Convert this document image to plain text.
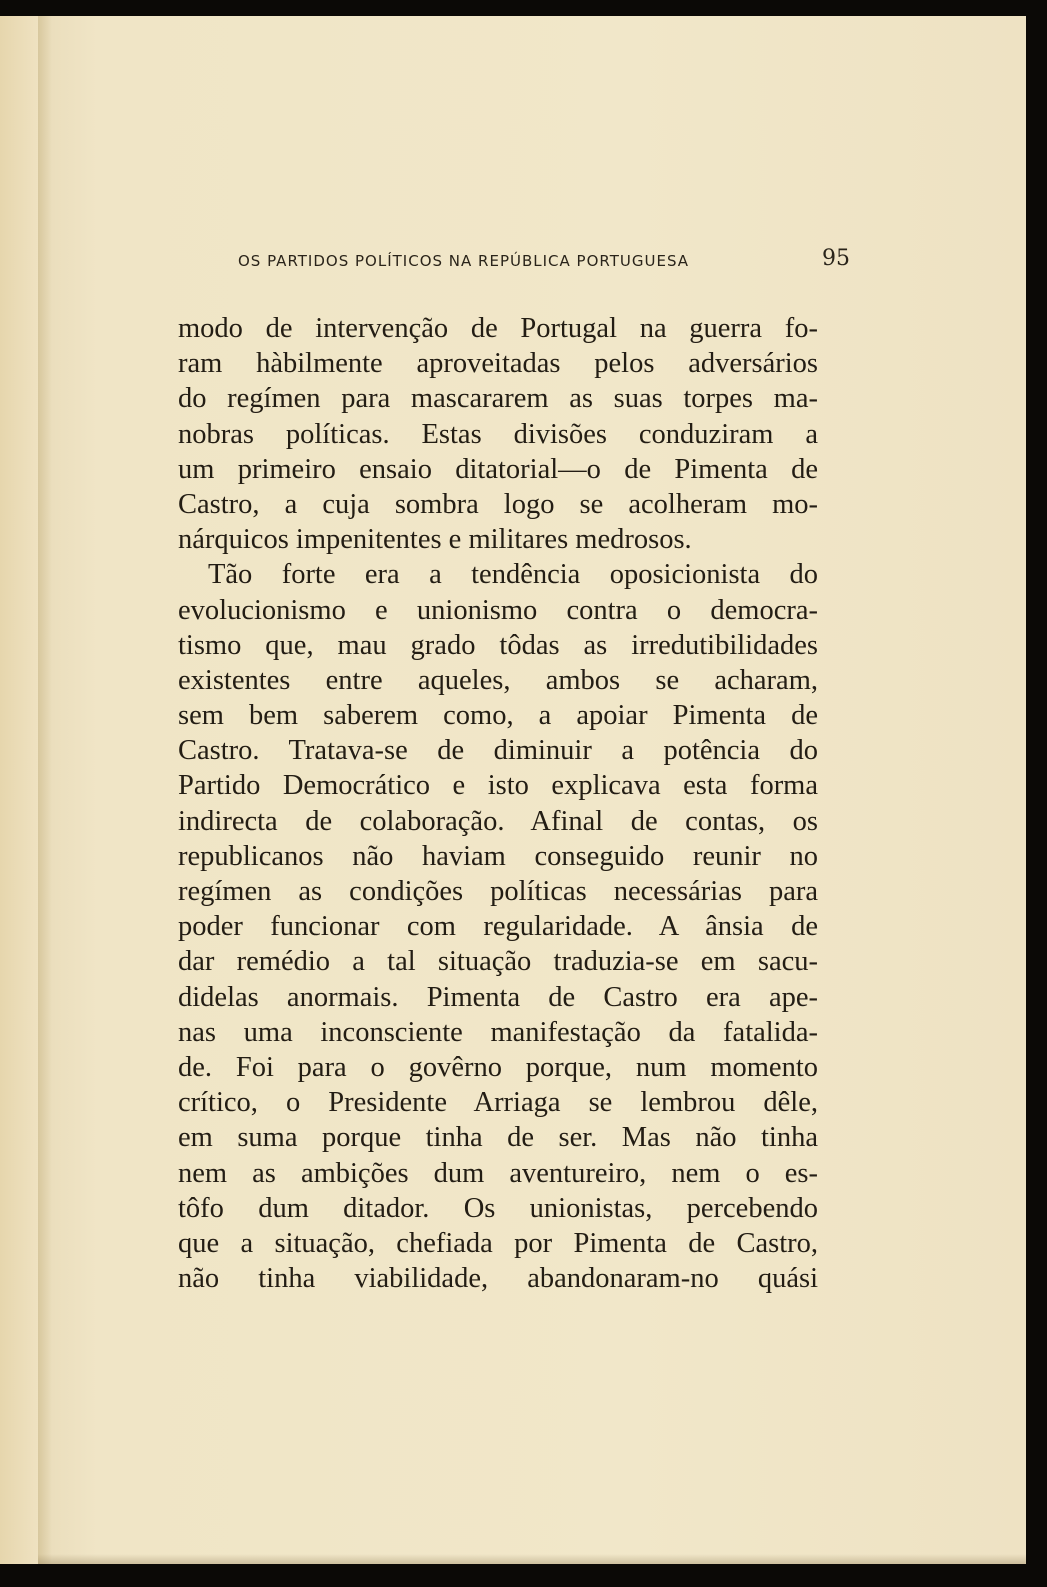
OS PARTIDOS POLÍTICOS NA REPÚBLICA PORTUGUESA	95
modo de intervenção de Portugal na guerra fo-
ram hàbilmente aproveitadas pelos adversários
do regímen para mascararem as suas torpes ma-
nobras políticas. Estas divisões conduziram a
um primeiro ensaio ditatorial—o de Pimenta de
Castro, a cuja sombra logo se acolheram mo-
nárquicos impenitentes e militares medrosos.
Tão forte era a tendência oposicionista do
evolucionismo e unionismo contra o democra-
tismo que, mau grado tôdas as irredutibilidades
existentes entre aqueles, ambos se acharam,
sem bem saberem como, a apoiar Pimenta de
Castro. Tratava-se de diminuir a potência do
Partido Democrático e isto explicava esta forma
indirecta de colaboração. Afinal de contas, os
republicanos não haviam conseguido reunir no
regímen as condições políticas necessárias para
poder funcionar com regularidade. A ânsia de
dar remédio a tal situação traduzia-se em sacu-
didelas anormais. Pimenta de Castro era ape-
nas uma inconsciente manifestação da fatalida-
de. Foi para o govêrno porque, num momento
crítico, o Presidente Arriaga se lembrou dêle,
em suma porque tinha de ser. Mas não tinha
nem as ambições dum aventureiro, nem o es-
tôfo dum ditador. Os unionistas, percebendo
que a situação, chefiada por Pimenta de Castro,
não tinha viabilidade, abandonaram-no quási
